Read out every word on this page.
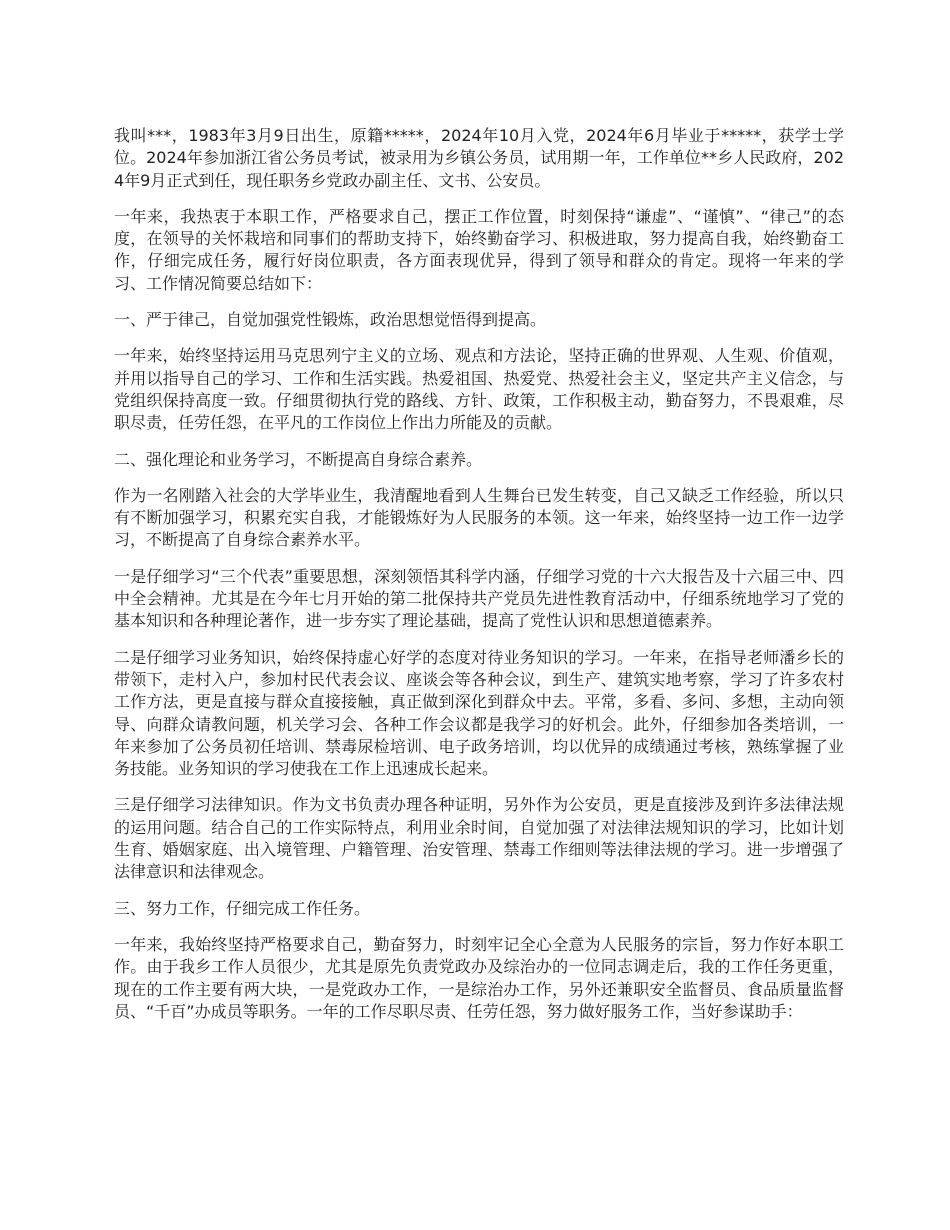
我叫***，1983年3月9日出生，原籍*****，2024年10月入党，2024年6月毕业于*****，获学士学位。2024年参加浙江省公务员考试，被录用为乡镇公务员，试用期一年，工作单位**乡人民政府，2024年9月正式到任，现任职务乡党政办副主任、文书、公安员。

一年来，我热衷于本职工作，严格要求自己，摆正工作位置，时刻保持“谦虚”、“谨慎”、“律己”的态度，在领导的关怀栽培和同事们的帮助支持下，始终勤奋学习、积极进取，努力提高自我，始终勤奋工作，仔细完成任务，履行好岗位职责，各方面表现优异，得到了领导和群众的肯定。现将一年来的学习、工作情况简要总结如下：

一、严于律己，自觉加强党性锻炼，政治思想觉悟得到提高。

一年来，始终坚持运用马克思列宁主义的立场、观点和方法论，坚持正确的世界观、人生观、价值观，并用以指导自己的学习、工作和生活实践。热爱祖国、热爱党、热爱社会主义，坚定共产主义信念，与党组织保持高度一致。仔细贯彻执行党的路线、方针、政策，工作积极主动，勤奋努力，不畏艰难，尽职尽责，任劳任怨，在平凡的工作岗位上作出力所能及的贡献。

二、强化理论和业务学习，不断提高自身综合素养。

作为一名刚踏入社会的大学毕业生，我清醒地看到人生舞台已发生转变，自己又缺乏工作经验，所以只有不断加强学习，积累充实自我，才能锻炼好为人民服务的本领。这一年来，始终坚持一边工作一边学习，不断提高了自身综合素养水平。

一是仔细学习“三个代表”重要思想，深刻领悟其科学内涵，仔细学习党的十六大报告及十六届三中、四中全会精神。尤其是在今年七月开始的第二批保持共产党员先进性教育活动中，仔细系统地学习了党的基本知识和各种理论著作，进一步夯实了理论基础，提高了党性认识和思想道德素养。

二是仔细学习业务知识，始终保持虚心好学的态度对待业务知识的学习。一年来，在指导老师潘乡长的带领下，走村入户，参加村民代表会议、座谈会等各种会议，到生产、建筑实地考察，学习了许多农村工作方法，更是直接与群众直接接触，真正做到深化到群众中去。平常，多看、多问、多想，主动向领导、向群众请教问题，机关学习会、各种工作会议都是我学习的好机会。此外，仔细参加各类培训，一年来参加了公务员初任培训、禁毒尿检培训、电子政务培训，均以优异的成绩通过考核，熟练掌握了业务技能。业务知识的学习使我在工作上迅速成长起来。

三是仔细学习法律知识。作为文书负责办理各种证明，另外作为公安员，更是直接涉及到许多法律法规的运用问题。结合自己的工作实际特点，利用业余时间，自觉加强了对法律法规知识的学习，比如计划生育、婚姻家庭、出入境管理、户籍管理、治安管理、禁毒工作细则等法律法规的学习。进一步增强了法律意识和法律观念。

三、努力工作，仔细完成工作任务。

一年来，我始终坚持严格要求自己，勤奋努力，时刻牢记全心全意为人民服务的宗旨，努力作好本职工作。由于我乡工作人员很少，尤其是原先负责党政办及综治办的一位同志调走后，我的工作任务更重，现在的工作主要有两大块，一是党政办工作，一是综治办工作，另外还兼职安全监督员、食品质量监督员、“千百”办成员等职务。一年的工作尽职尽责、任劳任怨，努力做好服务工作，当好参谋助手：
